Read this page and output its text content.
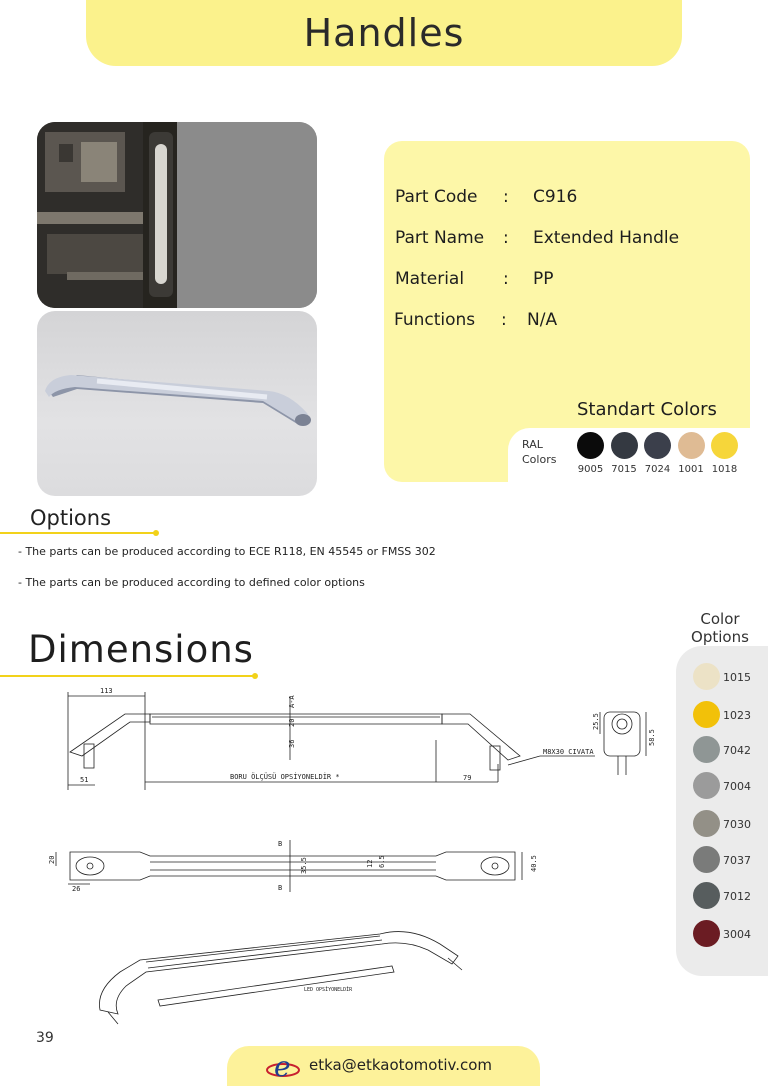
Handles
Part Code	:	C916
Part Name	:	Extended Handle
Material	:	PP
Functions	:	N/A
Standart Colors
RAL
Colors
9005 7015 7024 1001 1018
Options
- The parts can be produced according to ECE R118, EN 45545 or FMSS 302
- The parts can be produced according to defined color options
Dimensions
Color
Options
1015
1023
7042
7004
7030
7037
7012
3004
113
51	79
BORU ÖLÇÜSÜ OPSİYONELDİR *
36
20
A-A
M8X30 CIVATA
25.5
58.5
20
26
35.5	12 6.5	40.5
B
B
LED OPSİYONELDİR
39
e etka@etkaotomotiv.com
